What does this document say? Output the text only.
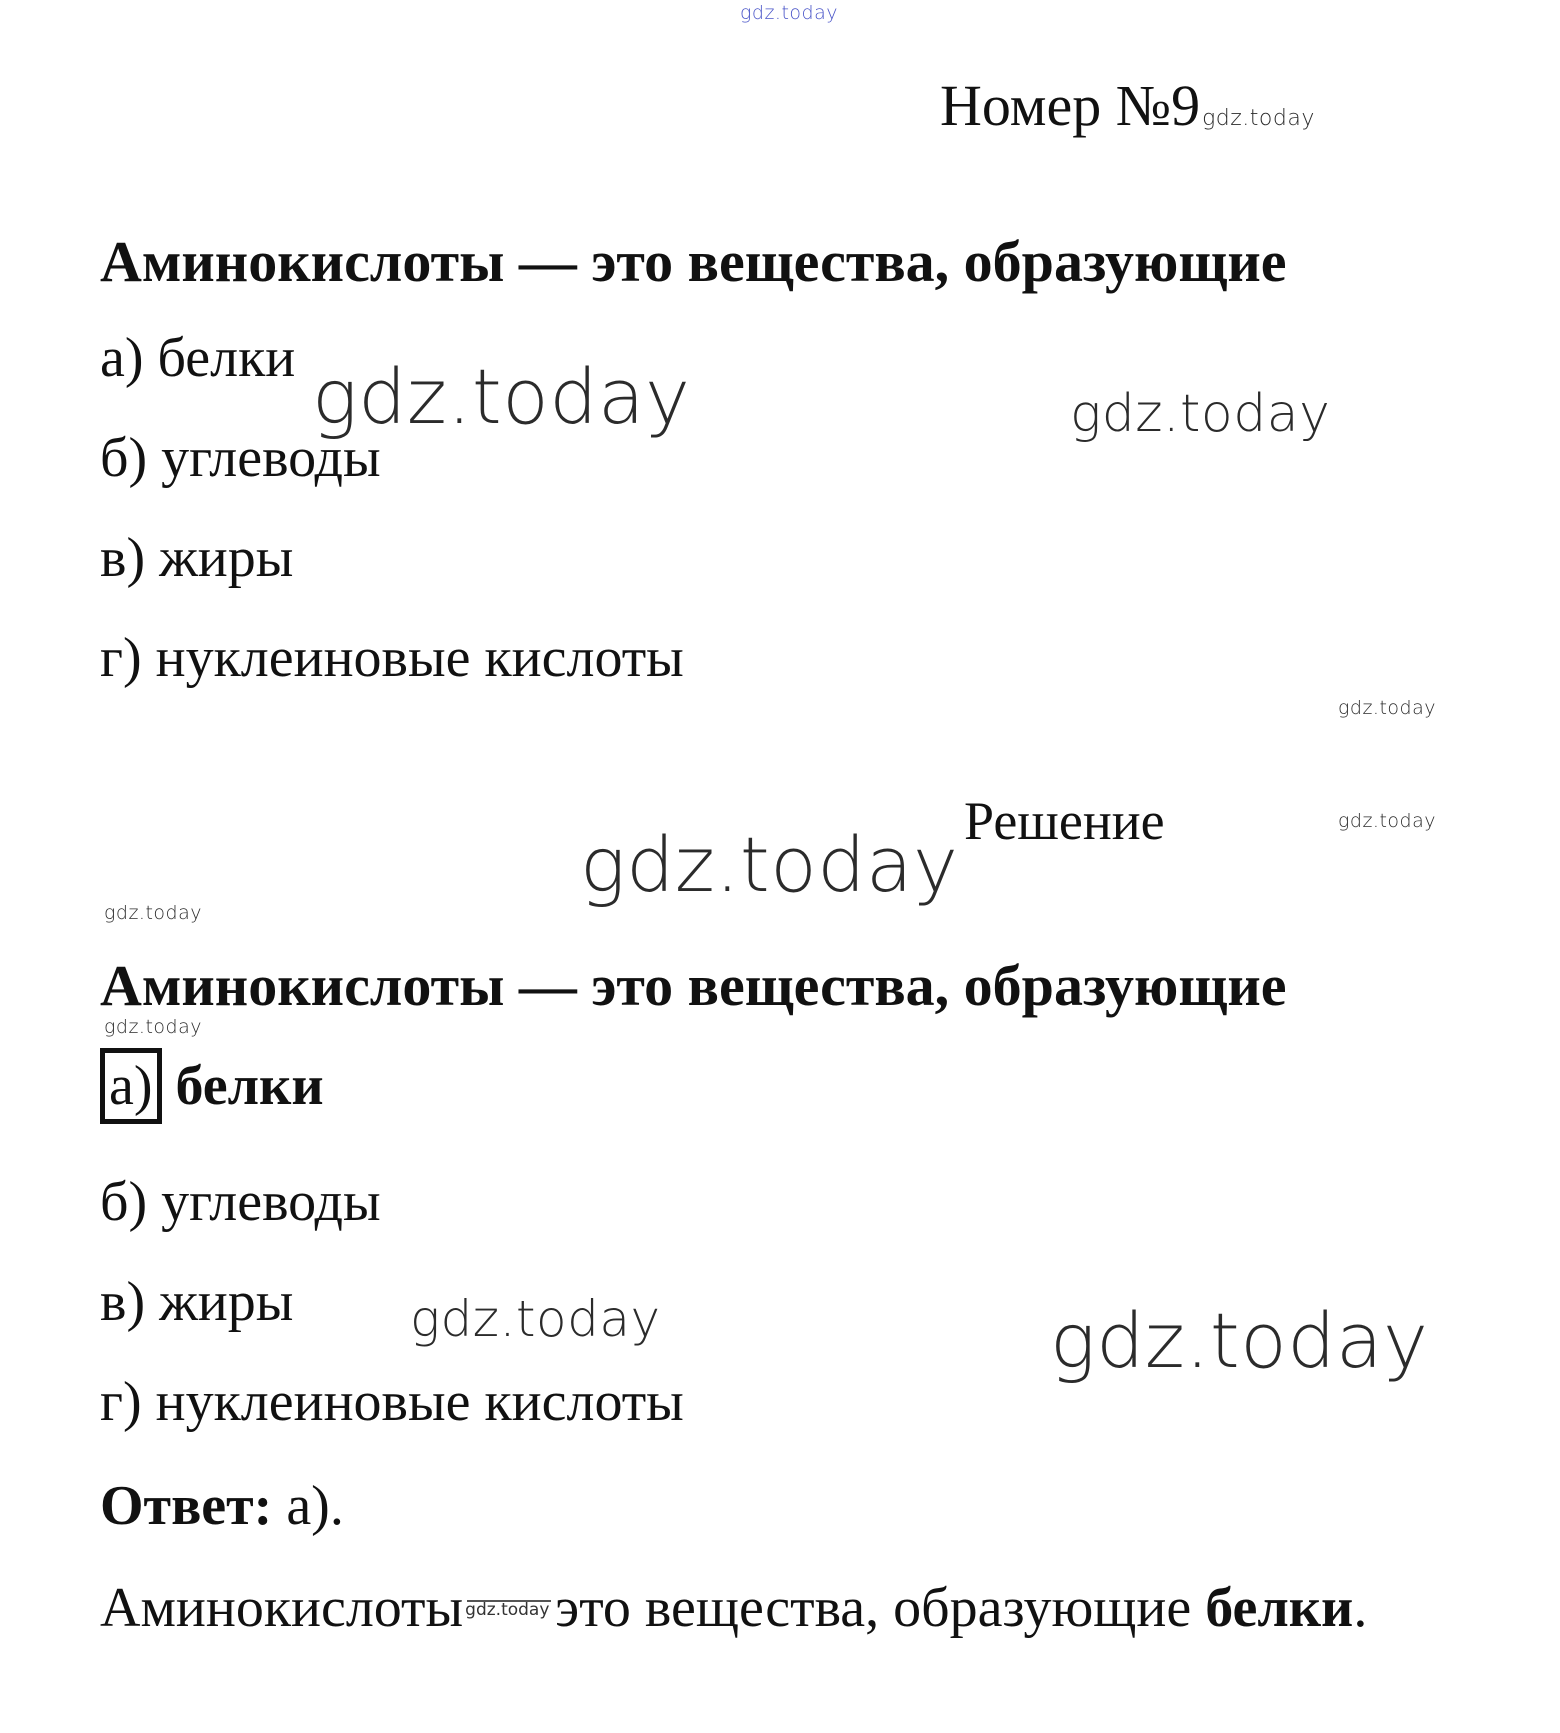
gdz.today
Номер №9gdz.today
Аминокислоты — это вещества, образующие
а) белки
б) углеводы
в) жиры
г) нуклеиновые кислоты
gdz.today	gdz.today
gdz.today
Решение	gdz.today
gdz.today
gdz.today
Аминокислоты — это вещества, образующие
gdz.today
а) белки
б) углеводы
в) жиры
г) нуклеиновые кислоты
gdz.today	gdz.today
Ответ: а).
Аминокислоты gdz.today это вещества, образующие белки.
